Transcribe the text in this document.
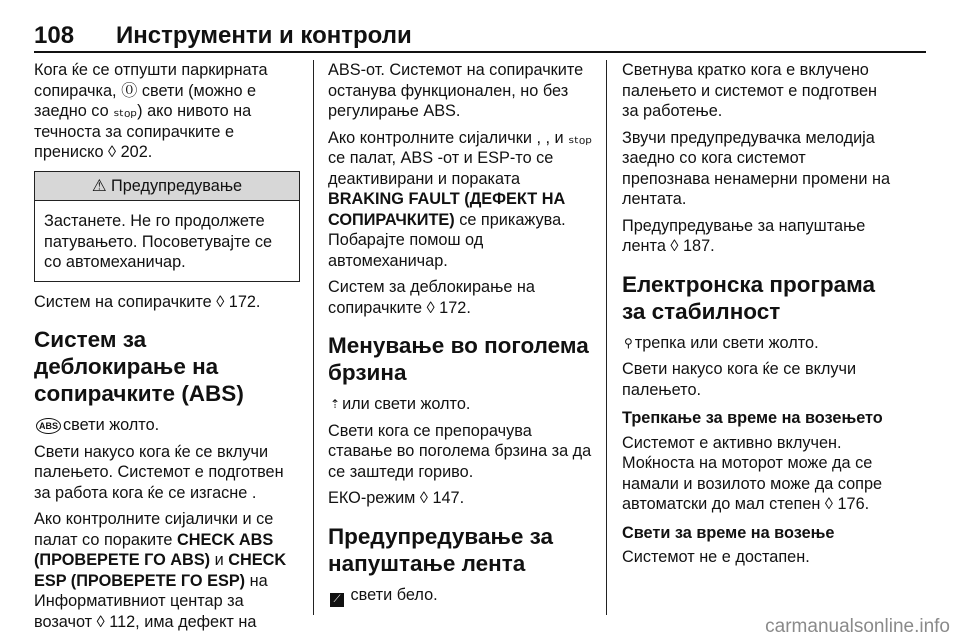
108 Инструменти и контроли

Кога ќе се отпушти паркирната сопирачка, ⓪ свети (можно е заедно со ₛₜₒₚ) ако нивото на течноста за сопирачките е прениско ◊ 202.

⚠ Предупредување
Застанете. Не го продолжете патувањето. Посоветувајте се со автомеханичар.

Систем на сопирачките ◊ 172.

Систем за деблокирање на сопирачките (ABS)

ABS свети жолто.

Свети накусо кога ќе се вклучи палењето. Системот е подготвен за работа кога ќе се изгасне .

Ако контролните сијалички и се палат со пораките CHECK ABS (ПРОВЕРЕТЕ ГО ABS) и CHECK ESP (ПРОВЕРЕТЕ ГО ESP) на Информативниот центар за возачот ◊ 112, има дефект на

ABS-от. Системот на сопирачките останува функционален, но без регулирање ABS.

Ако контролните сијалички , , и ₛₜₒₚ се палат, ABS -от и ESP-то се деактивирани и пораката BRAKING FAULT (ДЕФЕКТ НА СОПИРАЧКИТЕ) се прикажува. Побарајте помош од автомеханичар.

Систем за деблокирање на сопирачките ◊ 172.

Менување во поголема брзина

⇡ или свети жолто.

Свети кога се препорачува ставање во поголема брзина за да се заштеди гориво.

ЕКО-режим ◊ 147.

Предупредување за напуштање лента

⟋ свети бело.

Светнува кратко кога е вклучено палењето и системот е подготвен за работење.

Звучи предупредувачка мелодија заедно со кога системот препознава ненамерни промени на лентата.

Предупредување за напуштање лента ◊ 187.

Електронска програма за стабилност

⚲ трепка или свети жолто.

Свети накусо кога ќе се вклучи палењето.

Трепкање за време на возењето

Системот е активно вклучен. Моќноста на моторот може да се намали и возилото може да сопре автоматски до мал степен ◊ 176.

Свети за време на возење

Системот не е достапен.

carmanualsonline.info
